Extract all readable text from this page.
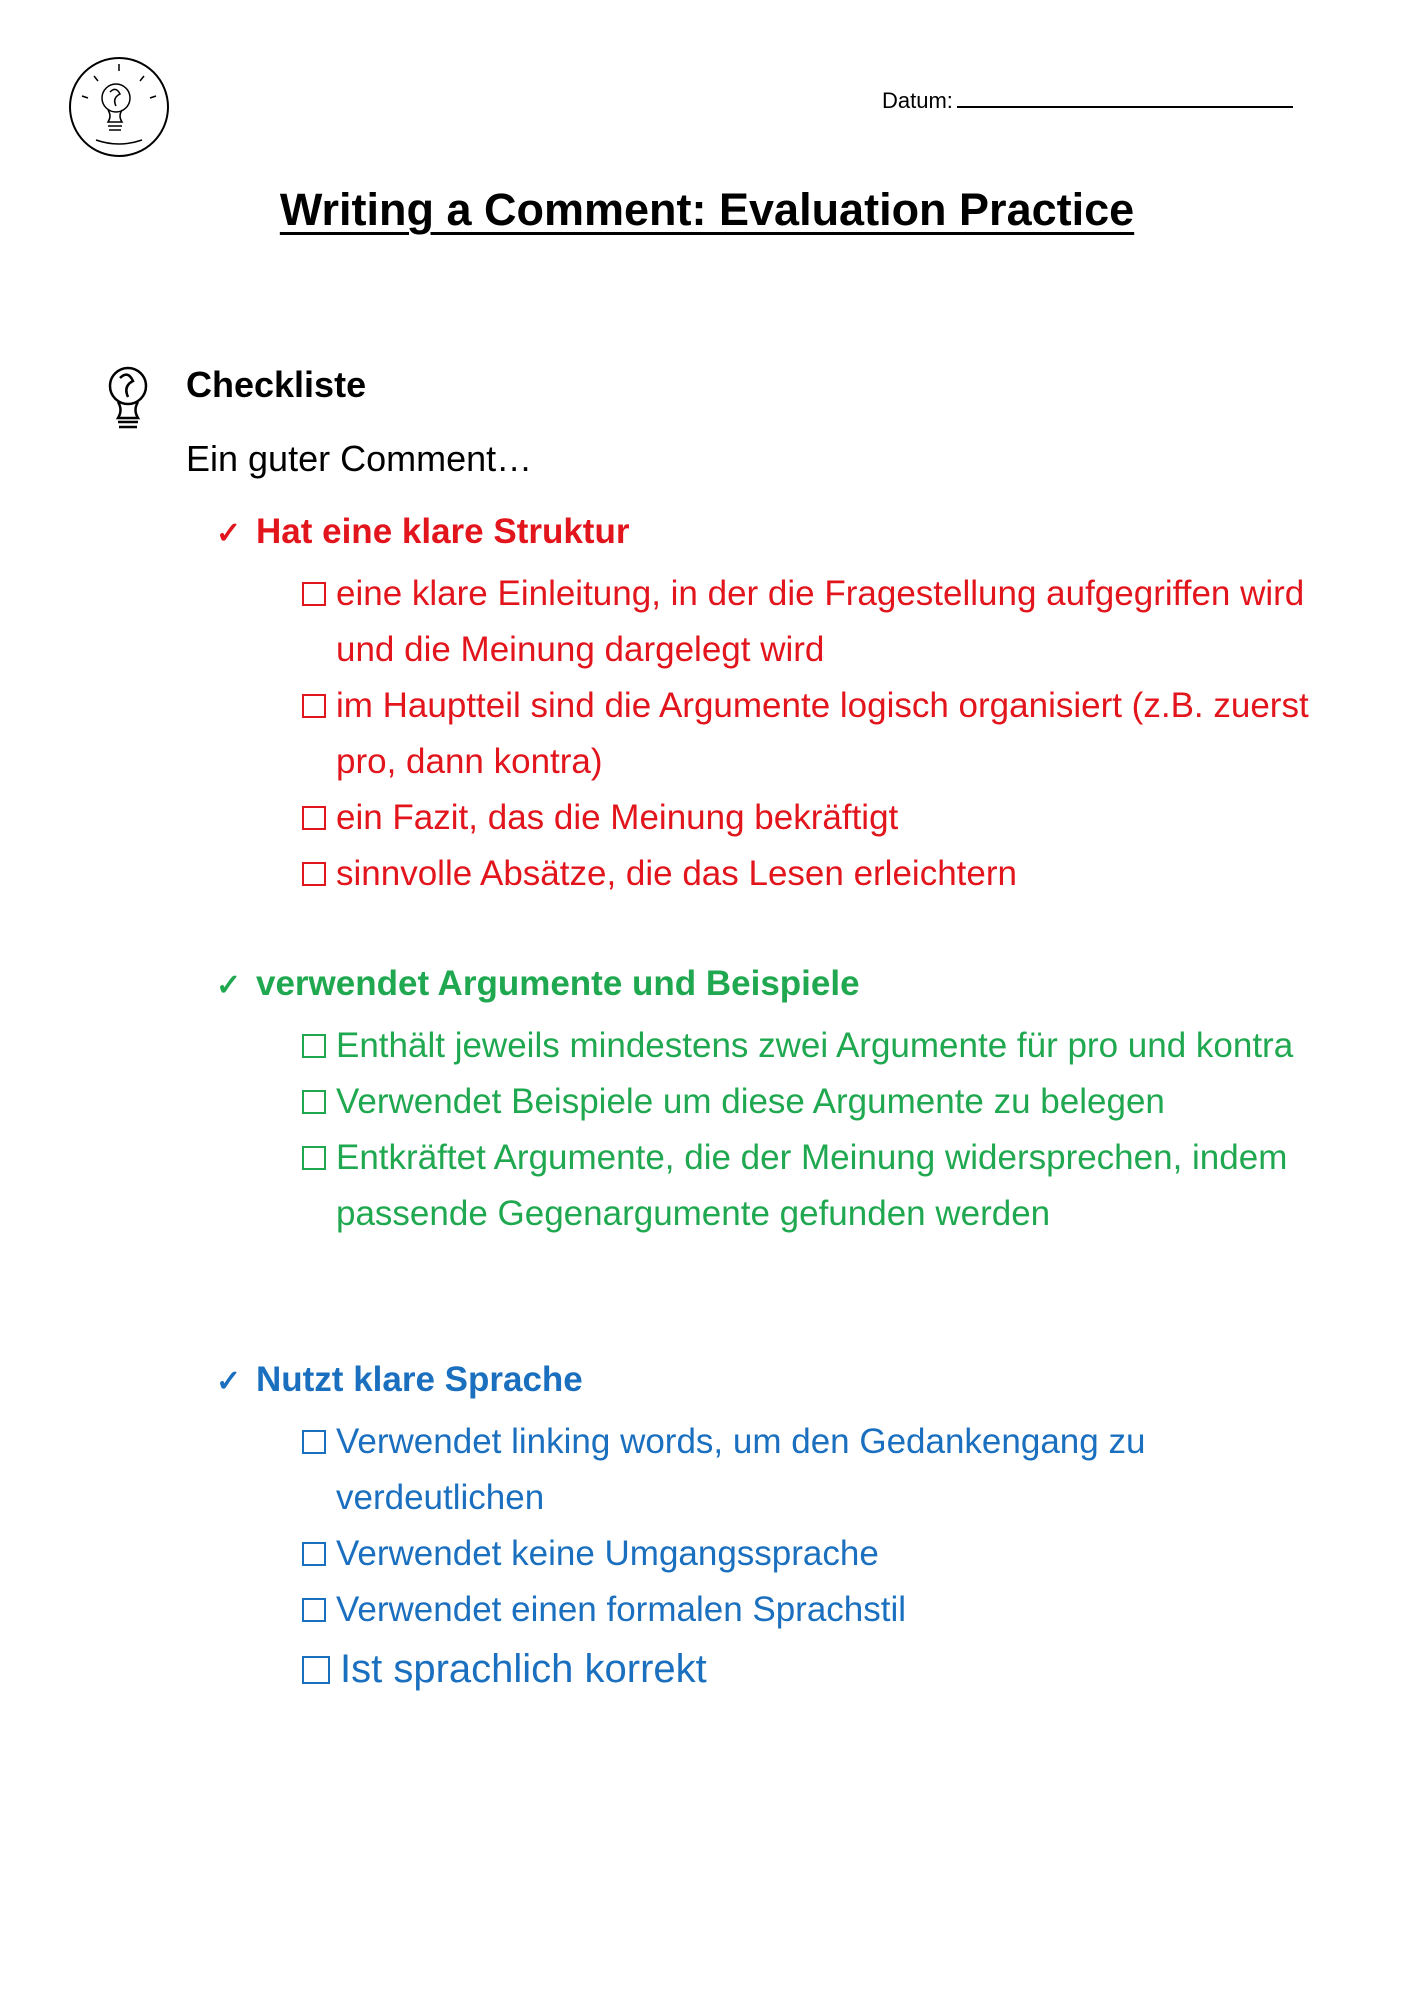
Datum:
Writing a Comment: Evaluation Practice
Checkliste
Ein guter Comment…
✓ Hat eine klare Struktur
eine klare Einleitung, in der die Fragestellung aufgegriffen wird und die Meinung dargelegt wird
im Hauptteil sind die Argumente logisch organisiert (z.B. zuerst pro, dann kontra)
ein Fazit, das die Meinung bekräftigt
sinnvolle Absätze, die das Lesen erleichtern
✓ verwendet Argumente und Beispiele
Enthält jeweils mindestens zwei Argumente für pro und kontra
Verwendet Beispiele um diese Argumente zu belegen
Entkräftet Argumente, die der Meinung widersprechen, indem passende Gegenargumente gefunden werden
✓ Nutzt klare Sprache
Verwendet linking words, um den Gedankengang zu verdeutlichen
Verwendet keine Umgangssprache
Verwendet einen formalen Sprachstil
Ist sprachlich korrekt
